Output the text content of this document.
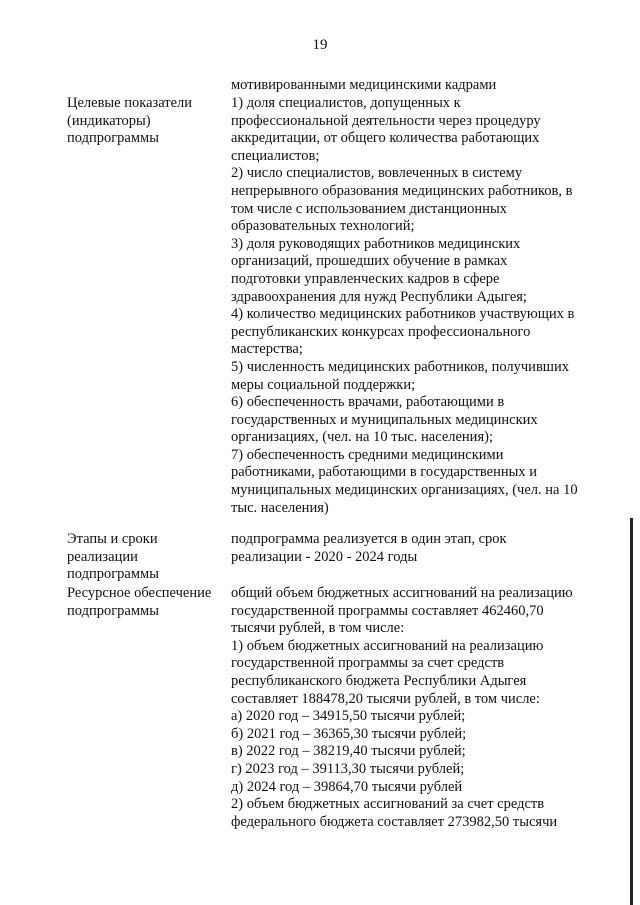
19
мотивированными медицинскими кадрами
Целевые показатели
(индикаторы)
подпрограммы
1) доля специалистов, допущенных к
профессиональной деятельности через процедуру
аккредитации, от общего количества работающих
специалистов;
2) число специалистов, вовлеченных в систему
непрерывного образования медицинских работников, в
том числе с использованием дистанционных
образовательных технологий;
3) доля руководящих работников медицинских
организаций, прошедших обучение в рамках
подготовки управленческих кадров в сфере
здравоохранения для нужд Республики Адыгея;
4) количество медицинских работников участвующих в
республиканских конкурсах профессионального
мастерства;
5) численность медицинских работников, получивших
меры социальной поддержки;
6) обеспеченность врачами, работающими в
государственных и муниципальных медицинских
организациях, (чел. на 10 тыс. населения);
7) обеспеченность средними медицинскими
работниками, работающими в государственных и
муниципальных медицинских организациях, (чел. на 10
тыс. населения)
Этапы и сроки
реализации
подпрограммы
подпрограмма реализуется в один этап, срок
реализации - 2020 - 2024 годы
Ресурсное обеспечение
подпрограммы
общий объем бюджетных ассигнований на реализацию
государственной программы составляет 462460,70
тысячи рублей, в том числе:
1) объем бюджетных ассигнований на реализацию
государственной программы за счет средств
республиканского бюджета Республики Адыгея
составляет 188478,20 тысячи рублей, в том числе:
а) 2020 год – 34915,50 тысячи рублей;
б) 2021 год – 36365,30 тысячи рублей;
в) 2022 год – 38219,40 тысячи рублей;
г) 2023 год – 39113,30 тысячи рублей;
д) 2024 год – 39864,70 тысячи рублей
2) объем бюджетных ассигнований за счет средств
федерального бюджета составляет 273982,50 тысячи
